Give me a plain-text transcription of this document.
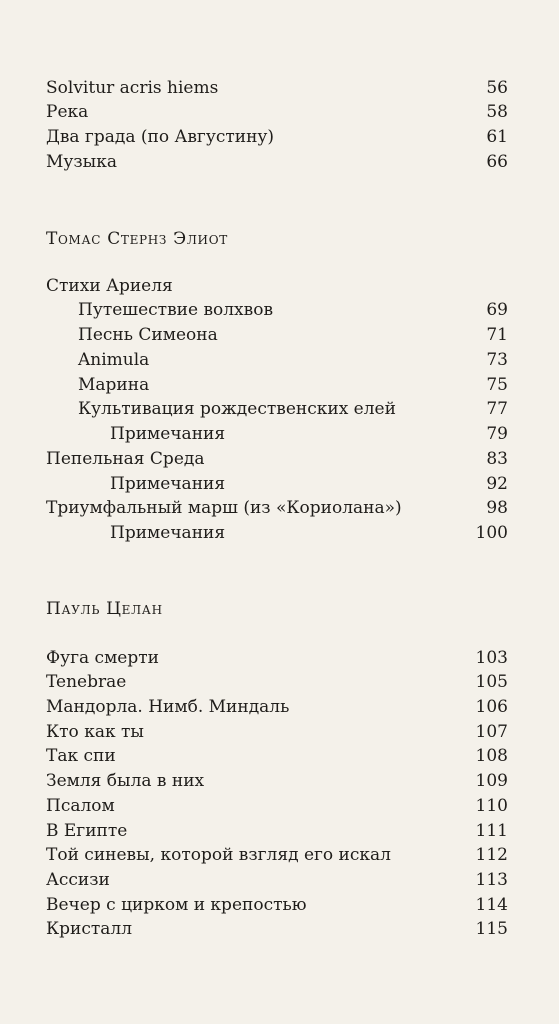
Solvitur acris hiems	56
Река	58
Два града (по Августину)	61
Музыка	66
Томас Стернз Элиот
Стихи Ариеля
Путешествие волхвов	69
Песнь Симеона	71
Animula	73
Марина	75
Культивация рождественских елей	77
Примечания	79
Пепельная Среда	83
Примечания	92
Триумфальный марш (из «Кориолана»)	98
Примечания	100
Пауль Целан
Фуга смерти	103
Tenebrae	105
Мандорла. Нимб. Миндаль	106
Кто как ты	107
Так спи	108
Земля была в них	109
Псалом	110
В Египте	111
Той синевы, которой взгляд его искал	112
Ассизи	113
Вечер с цирком и крепостью	114
Кристалл	115
